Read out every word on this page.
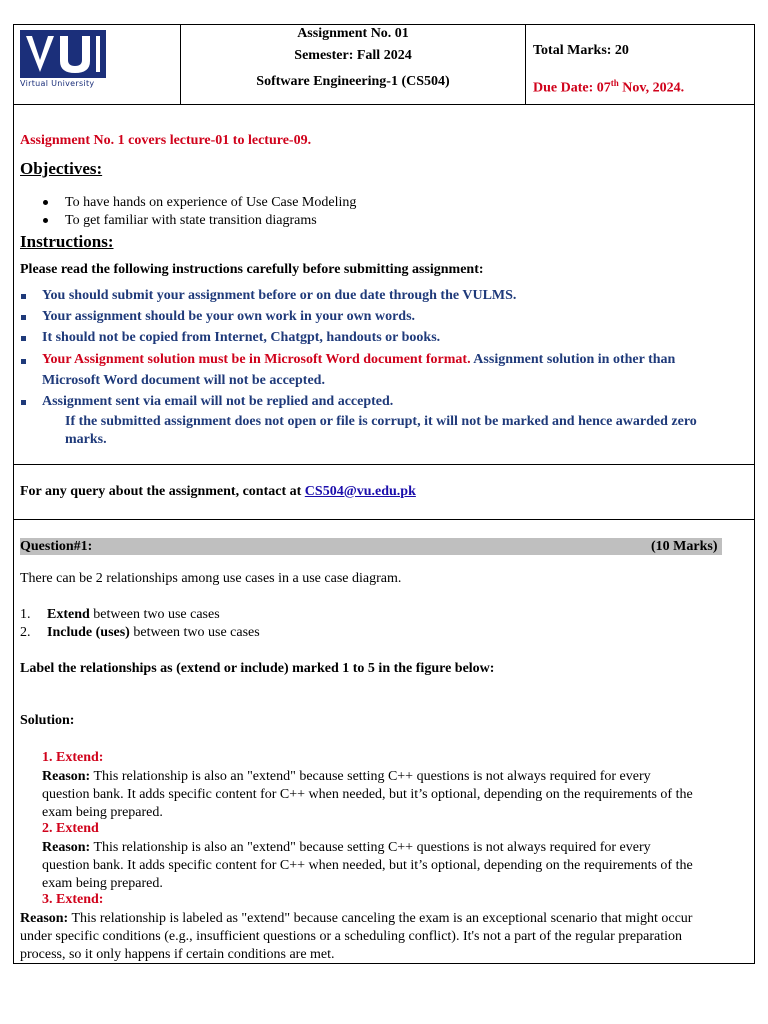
Virtual University
Assignment No. 01
Semester: Fall 2024
Software Engineering-1 (CS504)
Total Marks: 20
Due Date: 07th Nov, 2024.
Assignment No. 1 covers lecture-01 to lecture-09.
Objectives:
To have hands on experience of Use Case Modeling
To get familiar with state transition diagrams
Instructions:
Please read the following instructions carefully before submitting assignment:
You should submit your assignment before or on due date through the VULMS.
Your assignment should be your own work in your own words.
It should not be copied from Internet, Chatgpt, handouts or books.
Your Assignment solution must be in Microsoft Word document format. Assignment solution in other than
Microsoft Word document will not be accepted.
Assignment sent via email will not be replied and accepted.
If the submitted assignment does not open or file is corrupt, it will not be marked and hence awarded zero
marks.
For any query about the assignment, contact at CS504@vu.edu.pk
Question#1:	(10 Marks)
There can be 2 relationships among use cases in a use case diagram.
1. Extend between two use cases
2. Include (uses) between two use cases
Label the relationships as (extend or include) marked 1 to 5 in the figure below:
Solution:
1. Extend:
Reason: This relationship is also an "extend" because setting C++ questions is not always required for every
question bank. It adds specific content for C++ when needed, but it’s optional, depending on the requirements of the
exam being prepared.
2. Extend
Reason: This relationship is also an "extend" because setting C++ questions is not always required for every
question bank. It adds specific content for C++ when needed, but it’s optional, depending on the requirements of the
exam being prepared.
3. Extend:
Reason: This relationship is labeled as "extend" because canceling the exam is an exceptional scenario that might occur
under specific conditions (e.g., insufficient questions or a scheduling conflict). It's not a part of the regular preparation
process, so it only happens if certain conditions are met.
